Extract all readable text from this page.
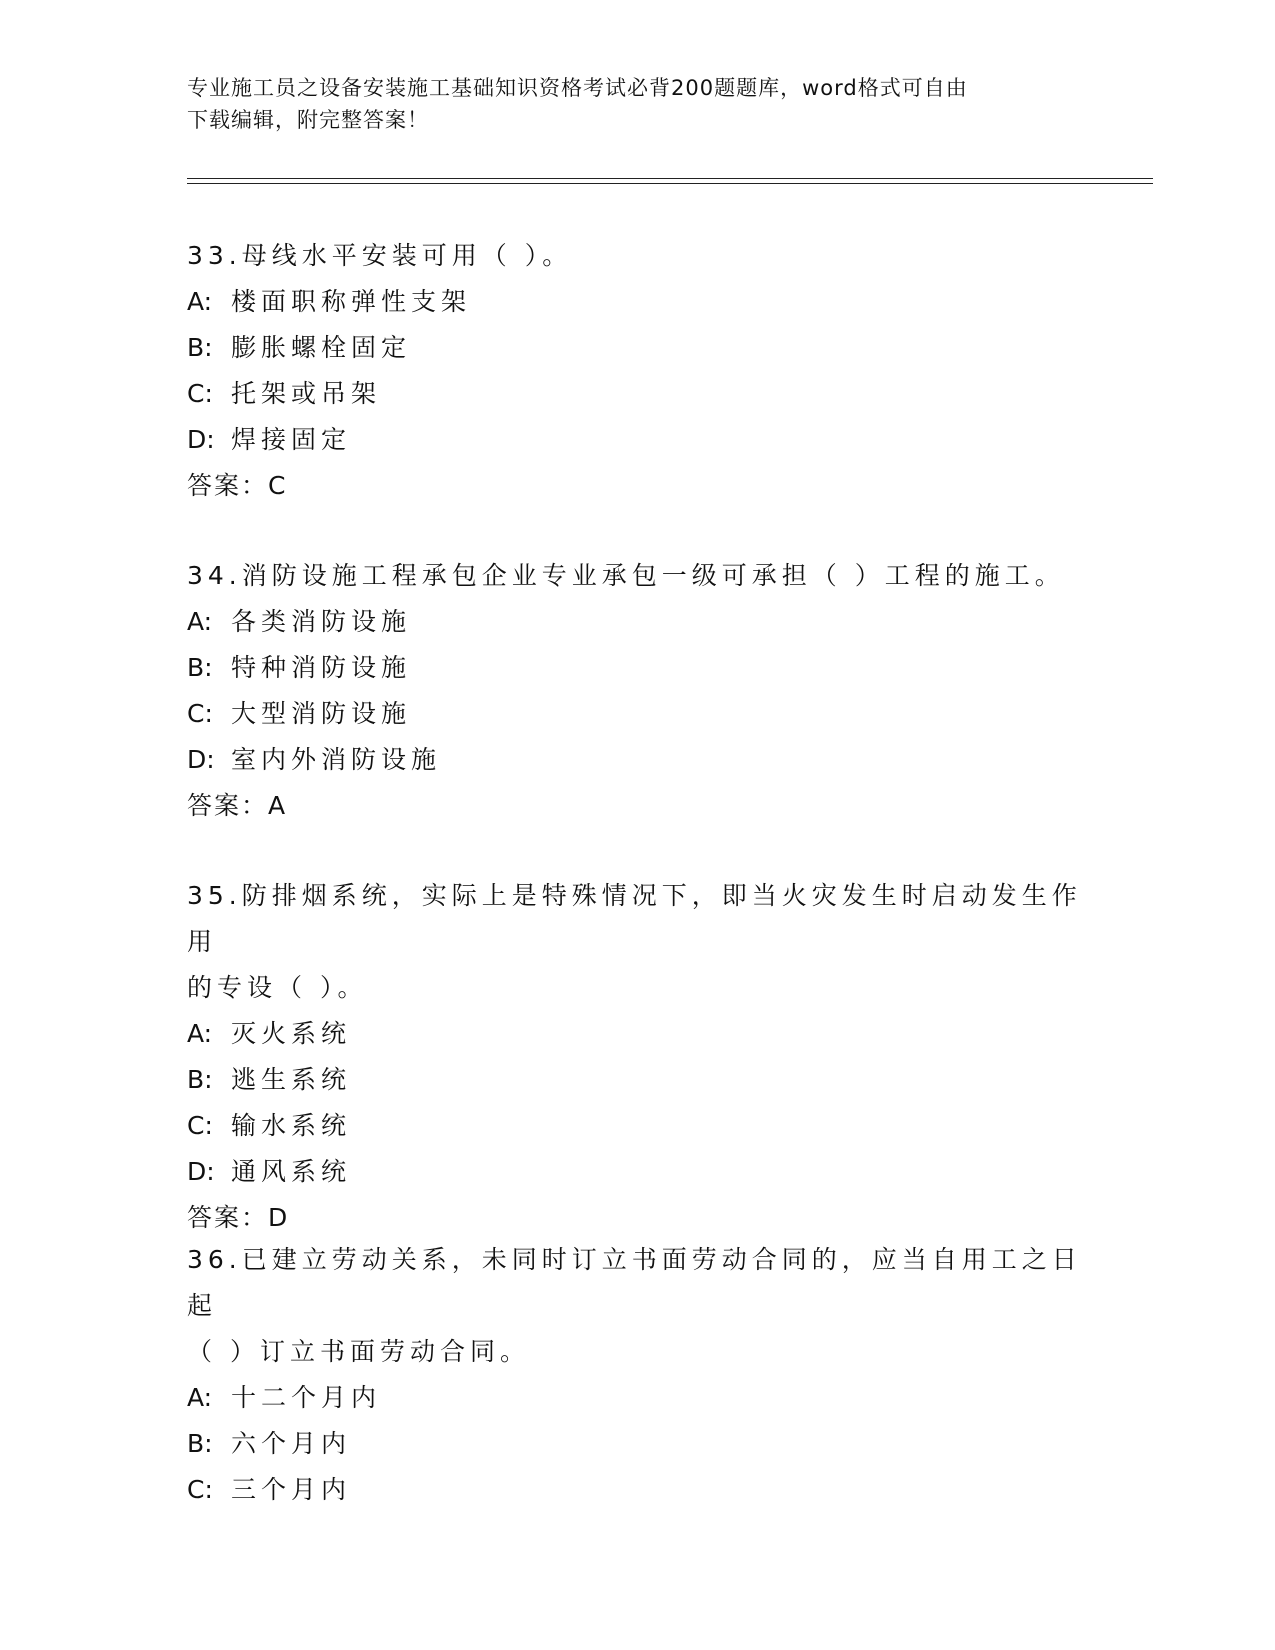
专业施工员之设备安装施工基础知识资格考试必背200题题库，word格式可自由
下载编辑，附完整答案！

33.母线水平安装可用（ ）。

A: 楼面职称弹性支架

B: 膨胀螺栓固定

C: 托架或吊架

D: 焊接固定

答案：C

34.消防设施工程承包企业专业承包一级可承担（ ）工程的施工。

A: 各类消防设施

B: 特种消防设施

C: 大型消防设施

D: 室内外消防设施

答案：A

35.防排烟系统，实际上是特殊情况下，即当火灾发生时启动发生作用

的专设（ ）。

A: 灭火系统

B: 逃生系统

C: 输水系统

D: 通风系统

答案：D

36.已建立劳动关系，未同时订立书面劳动合同的，应当自用工之日起

（ ）订立书面劳动合同。

A: 十二个月内

B: 六个月内

C: 三个月内
